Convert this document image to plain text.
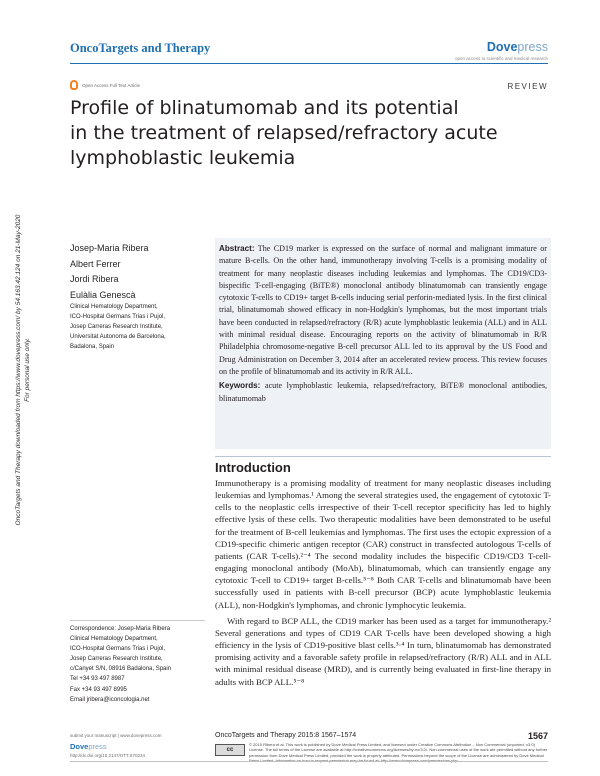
OncoTargets and Therapy	Dovepress
open access to scientific and medical research
Open Access Full Text Article	REVIEW
Profile of blinatumomab and its potential
in the treatment of relapsed/refractory acute
lymphoblastic leukemia
OncoTargets and Therapy downloaded from https://www.dovepress.com/ by 54.163.42.124 on 21-May-2020 For personal use only.
Josep-Maria Ribera
Albert Ferrer
Jordi Ribera
Eulàlia Genescà
Clinical Hematology Department,
ICO-Hospital Germans Trias i Pujol,
Josep Carreras Research Institute,
Universitat Autonoma de Barcelona,
Badalona, Spain

Abstract: The CD19 marker is expressed on the surface of normal and malignant immature or mature B-cells. On the other hand, immunotherapy involving T-cells is a promising modality of treatment for many neoplastic diseases including leukemias and lymphomas. The CD19/CD3-bispecific T-cell-engaging (BiTE®) monoclonal antibody blinatumomab can transiently engage cytotoxic T-cells to CD19+ target B-cells inducing serial perforin-mediated lysis. In the first clinical trial, blinatumomab showed efficacy in non-Hodgkin's lymphomas, but the most important trials have been conducted in relapsed/refractory (R/R) acute lymphoblastic leukemia (ALL) and in ALL with minimal residual disease. Encouraging reports on the activity of blinatumomab in R/R Philadelphia chromosome-negative B-cell precursor ALL led to its approval by the US Food and Drug Administration on December 3, 2014 after an accelerated review process. This review focuses on the profile of blinatumomab and its activity in R/R ALL.

Keywords: acute lymphoblastic leukemia, relapsed/refractory, BiTE® monoclonal antibodies, blinatumomab

Introduction

Immunotherapy is a promising modality of treatment for many neoplastic diseases including leukemias and lymphomas.¹ Among the several strategies used, the engagement of cytotoxic T-cells to the neoplastic cells irrespective of their T-cell receptor specificity has led to highly effective lysis of these cells. Two therapeutic modalities have been demonstrated to be useful for the treatment of B-cell leukemias and lymphomas. The first uses the ectopic expression of a CD19-specific chimeric antigen receptor (CAR) construct in transfected autologous T-cells of patients (CAR T-cells).²⁻⁴ The second modality includes the bispecific CD19/CD3 T-cell-engaging monoclonal antibody (MoAb), blinatumomab, which can transiently engage any cytotoxic T-cell to CD19+ target B-cells.⁵⁻⁸ Both CAR T-cells and blinatumomab have been successfully used in patients with B-cell precursor (BCP) acute lymphoblastic leukemia (ALL), non-Hodgkin's lymphomas, and chronic lymphocytic leukemia.

With regard to BCP ALL, the CD19 marker has been used as a target for immunotherapy.² Several generations and types of CD19 CAR T-cells have been developed showing a high efficiency in the lysis of CD19-positive blast cells.³·⁴ In turn, blinatumomab has demonstrated promising activity and a favorable safety profile in relapsed/refractory (R/R) ALL and in ALL with minimal residual disease (MRD), and is currently being evaluated in first-line therapy in adults with BCP ALL.⁵⁻⁸

Correspondence: Josep-Maria Ribera
Clinical Hematology Department,
ICO-Hospital Germans Trias i Pujol,
Josep Carreras Research Institute,
c/Canyet S/N, 08916 Badalona, Spain
Tel +34 93 497 8987
Fax +34 93 497 8995
Email jribera@iconcologia.net
submit your manuscript | www.dovepress.com
Dovepress
http://dx.doi.org/10.2147/OTT.S70234
OncoTargets and Therapy 2015:8 1567–1574	1567
cc
© 2015 Ribera et al. This work is published by Dove Medical Press Limited, and licensed under Creative Commons Attribution – Non Commercial (unported, v3.0) License. The full terms of the License are available at http://creativecommons.org/licenses/by-nc/3.0/. Non-commercial uses of the work are permitted without any further permission from Dove Medical Press Limited, provided the work is properly attributed. Permissions beyond the scope of the License are administered by Dove Medical
